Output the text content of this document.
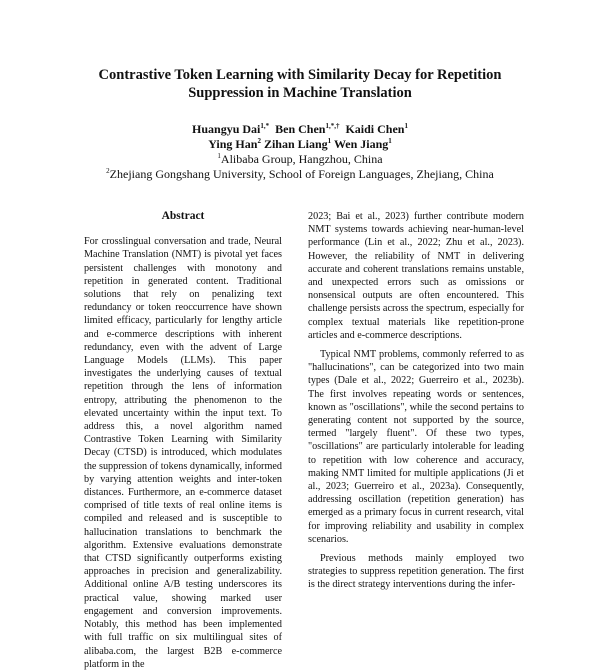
Contrastive Token Learning with Similarity Decay for Repetition
Suppression in Machine Translation
Huangyu Dai$^{1,*}$ Ben Chen$^{1,*,\dagger}$ Kaidi Chen$^1$
Ying Han$^2$ Zihan Liang$^1$ Wen Jiang$^1$
$^1$Alibaba Group, Hangzhou, China
$^2$Zhejiang Gongshang University, School of Foreign Languages, Zhejiang, China
Abstract

For crosslingual conversation and trade, Neural Machine Translation (NMT) is pivotal yet faces persistent challenges with monotony and repetition in generated content. Traditional solutions that rely on penalizing text redundancy or token reoccurrence have shown limited efficacy, particularly for lengthy article and e-commerce descriptions with inherent redundancy, even with the advent of Large Language Models (LLMs). This paper investigates the underlying causes of textual repetition through the lens of information entropy, attributing the phenomenon to the elevated uncertainty within the input text. To address this, a novel algorithm named Contrastive Token Learning with Similarity Decay (CTSD) is introduced, which modulates the suppression of tokens dynamically, informed by varying attention weights and inter-token distances. Furthermore, an e-commerce dataset comprised of title texts of real online items is compiled and released and is susceptible to hallucination translations to benchmark the algorithm. Extensive evaluations demonstrate that CTSD significantly outperforms existing approaches in precision and generalizability. Additional online A/B testing underscores its practical value, showing marked user engagement and conversion improvements. Notably, this method has been implemented with full traffic on six multilingual sites of alibaba.com, the largest B2B e-commerce platform in the

2023; Bai et al., 2023) further contribute modern NMT systems towards achieving near-human-level performance (Lin et al., 2022; Zhu et al., 2023). However, the reliability of NMT in delivering accurate and coherent translations remains unstable, and unexpected errors such as omissions or nonsensical outputs are often encountered. This challenge persists across the spectrum, especially for complex textual materials like repetition-prone articles and e-commerce descriptions.

Typical NMT problems, commonly referred to as "hallucinations", can be categorized into two main types (Dale et al., 2022; Guerreiro et al., 2023b). The first involves repeating words or sentences, known as "oscillations", while the second pertains to generating content not supported by the source, termed "largely fluent". Of these two types, "oscillations" are particularly intolerable for leading to repetition with low coherence and accuracy, making NMT limited for multiple applications (Ji et al., 2023; Guerreiro et al., 2023a). Consequently, addressing oscillation (repetition generation) has emerged as a primary focus in current research, vital for improving reliability and usability in complex scenarios.

Previous methods mainly employed two strategies to suppress repetition generation. The first is the direct strategy interventions during the infer-
